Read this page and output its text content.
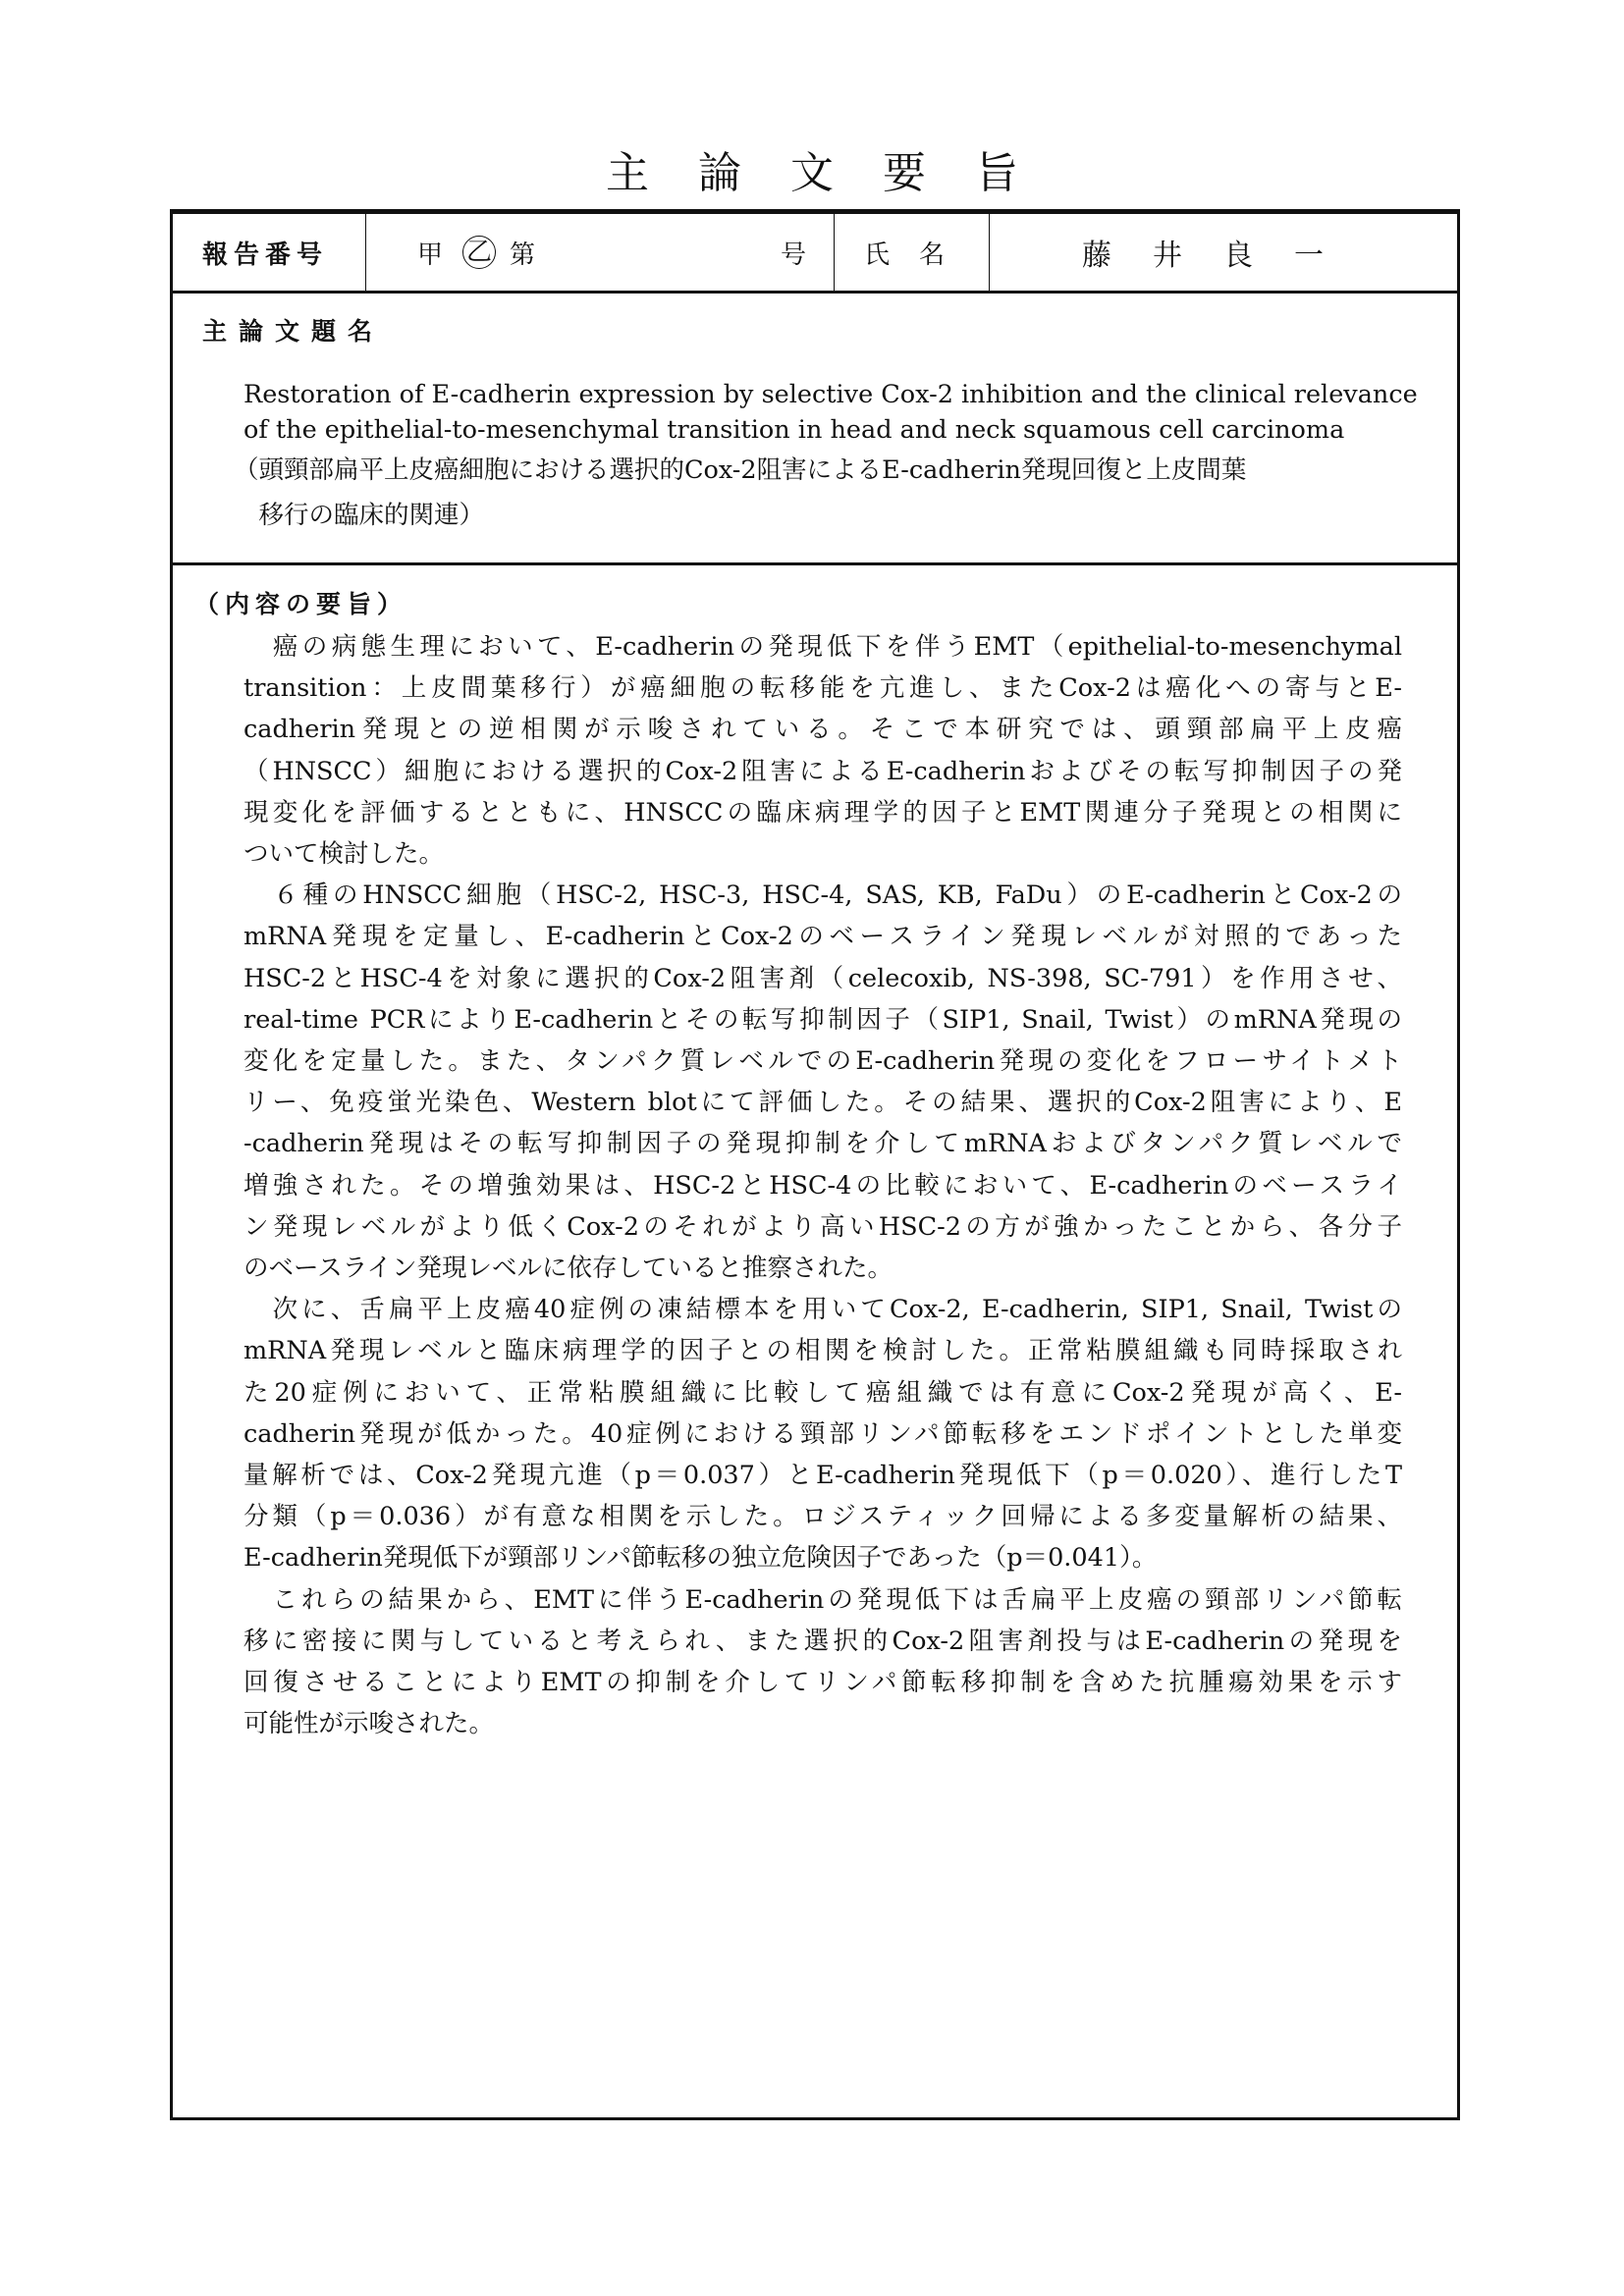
主論文要旨
報告番号	甲 乙 第	号	氏名	藤井良一
主論文題名
Restoration of E-cadherin expression by selective Cox-2 inhibition and the clinical relevance
of the epithelial-to-mesenchymal transition in head and neck squamous cell carcinoma
（頭頸部扁平上皮癌細胞における選択的Cox-2阻害によるE-cadherin発現回復と上皮間葉
　移行の臨床的関連）
（内容の要旨）
　癌の病態生理において、E-cadherinの発現低下を伴うEMT（epithelial-to-mesenchymal
transition：上皮間葉移行）が癌細胞の転移能を亢進し、またCox-2は癌化への寄与とE-
cadherin発現との逆相関が示唆されている。そこで本研究では、頭頸部扁平上皮癌
（HNSCC）細胞における選択的Cox-2阻害によるE-cadherinおよびその転写抑制因子の発
現変化を評価するとともに、HNSCCの臨床病理学的因子とEMT関連分子発現との相関に
ついて検討した。
　６種のHNSCC細胞（HSC-2, HSC-3, HSC-4, SAS, KB, FaDu）のE-cadherinとCox-2の
mRNA発現を定量し、E-cadherinとCox-2のベースライン発現レベルが対照的であった
HSC-2とHSC-4を対象に選択的Cox-2阻害剤（celecoxib, NS-398, SC-791）を作用させ、
real-time PCRによりE-cadherinとその転写抑制因子（SIP1, Snail, Twist）のmRNA発現の
変化を定量した。また、タンパク質レベルでのE-cadherin発現の変化をフローサイトメト
リー、免疫蛍光染色、Western blotにて評価した。その結果、選択的Cox-2阻害により、E
-cadherin発現はその転写抑制因子の発現抑制を介してmRNAおよびタンパク質レベルで
増強された。その増強効果は、HSC-2とHSC-4の比較において、E-cadherinのベースライ
ン発現レベルがより低くCox-2のそれがより高いHSC-2の方が強かったことから、各分子
のベースライン発現レベルに依存していると推察された。
　次に、舌扁平上皮癌40症例の凍結標本を用いてCox-2, E-cadherin, SIP1, Snail, Twistの
mRNA発現レベルと臨床病理学的因子との相関を検討した。正常粘膜組織も同時採取され
た20症例において、正常粘膜組織に比較して癌組織では有意にCox-2発現が高く、E-
cadherin発現が低かった。40症例における頸部リンパ節転移をエンドポイントとした単変
量解析では、Cox-2発現亢進（p＝0.037）とE-cadherin発現低下（p＝0.020）、進行したT
分類（p＝0.036）が有意な相関を示した。ロジスティック回帰による多変量解析の結果、
E-cadherin発現低下が頸部リンパ節転移の独立危険因子であった（p＝0.041）。
　これらの結果から、EMTに伴うE-cadherinの発現低下は舌扁平上皮癌の頸部リンパ節転
移に密接に関与していると考えられ、また選択的Cox-2阻害剤投与はE-cadherinの発現を
回復させることによりEMTの抑制を介してリンパ節転移抑制を含めた抗腫瘍効果を示す
可能性が示唆された。
